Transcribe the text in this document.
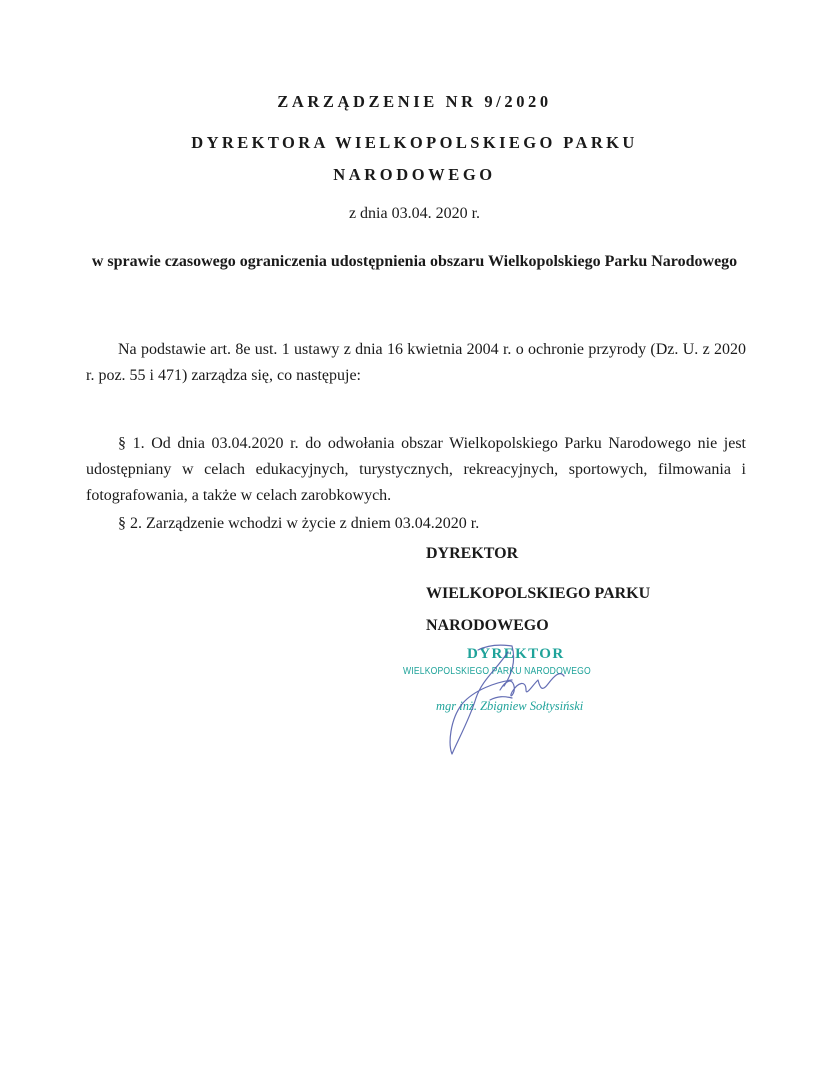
ZARZĄDZENIE NR 9/2020
DYREKTORA WIELKOPOLSKIEGO PARKU
NARODOWEGO
z dnia 03.04. 2020 r.
w sprawie czasowego ograniczenia udostępnienia obszaru Wielkopolskiego Parku Narodowego
Na podstawie art. 8e ust. 1 ustawy z dnia 16 kwietnia 2004 r. o ochronie przyrody (Dz. U. z 2020 r. poz. 55 i 471) zarządza się, co następuje:
§ 1. Od dnia 03.04.2020 r. do odwołania obszar Wielkopolskiego Parku Narodowego nie jest udostępniany w celach edukacyjnych, turystycznych, rekreacyjnych, sportowych, filmowania i fotografowania, a także w celach zarobkowych.
§ 2. Zarządzenie wchodzi w życie z dniem 03.04.2020 r.
DYREKTOR
WIELKOPOLSKIEGO PARKU
NARODOWEGO
DYREKTOR
WIELKOPOLSKIEGO PARKU NARODOWEGO
mgr inż. Zbigniew Sołtysiński
